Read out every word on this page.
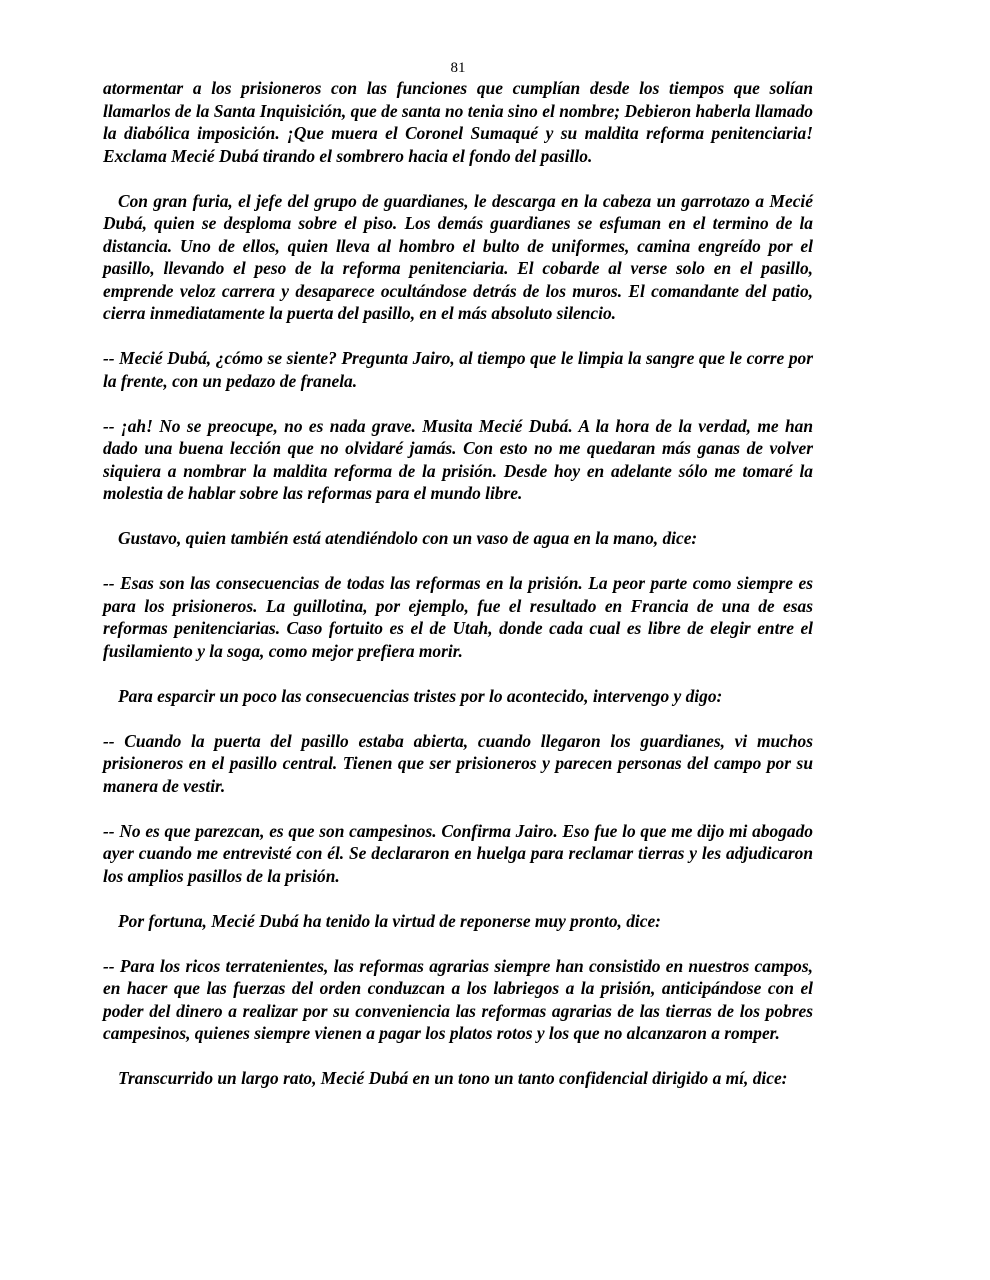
81

atormentar a los prisioneros con las funciones que cumplían desde los tiempos que solían llamarlos de la Santa Inquisición, que de santa no tenia sino el nombre; Debieron haberla llamado la diabólica imposición. ¡Que muera el Coronel Sumaqué y su maldita reforma penitenciaria! Exclama Mecié Dubá tirando el sombrero hacia el fondo del pasillo.

Con gran furia, el jefe del grupo de guardianes, le descarga en la cabeza un garrotazo a Mecié Dubá, quien se desploma sobre el piso. Los demás guardianes se esfuman en el termino de la distancia. Uno de ellos, quien lleva al hombro el bulto de uniformes, camina engreído por el pasillo, llevando el peso de la reforma penitenciaria. El cobarde al verse solo en el pasillo, emprende veloz carrera y desaparece ocultándose detrás de los muros. El comandante del patio, cierra inmediatamente la puerta del pasillo, en el más absoluto silencio.

-- Mecié Dubá, ¿cómo se siente? Pregunta Jairo, al tiempo que le limpia la sangre que le corre por la frente, con un pedazo de franela.

-- ¡ah! No se preocupe, no es nada grave. Musita Mecié Dubá. A la hora de la verdad, me han dado una buena lección que no olvidaré jamás. Con esto no me quedaran más ganas de volver siquiera a nombrar la maldita reforma de la prisión. Desde hoy en adelante sólo me tomaré la molestia de hablar sobre las reformas para el mundo libre.

Gustavo, quien también está atendiéndolo con un vaso de agua en la mano, dice:

-- Esas son las consecuencias de todas las reformas en la prisión. La peor parte como siempre es para los prisioneros. La guillotina, por ejemplo, fue el resultado en Francia de una de esas reformas penitenciarias. Caso fortuito es el de Utah, donde cada cual es libre de elegir entre el fusilamiento y la soga, como mejor prefiera morir.

Para esparcir un poco las consecuencias tristes por lo acontecido, intervengo y digo:

-- Cuando la puerta del pasillo estaba abierta, cuando llegaron los guardianes, vi muchos prisioneros en el pasillo central. Tienen que ser prisioneros y parecen personas del campo por su manera de vestir.

-- No es que parezcan, es que son campesinos. Confirma Jairo. Eso fue lo que me dijo mi abogado ayer cuando me entrevisté con él. Se declararon en huelga para reclamar tierras y les adjudicaron los amplios pasillos de la prisión.

Por fortuna, Mecié Dubá ha tenido la virtud de reponerse muy pronto, dice:

-- Para los ricos terratenientes, las reformas agrarias siempre han consistido en nuestros campos, en hacer que las fuerzas del orden conduzcan a los labriegos a la prisión, anticipándose con el poder del dinero a realizar por su conveniencia las reformas agrarias de las tierras de los pobres campesinos, quienes siempre vienen a pagar los platos rotos y los que no alcanzaron a romper.

Transcurrido un largo rato, Mecié Dubá en un tono un tanto confidencial dirigido a mí, dice:
